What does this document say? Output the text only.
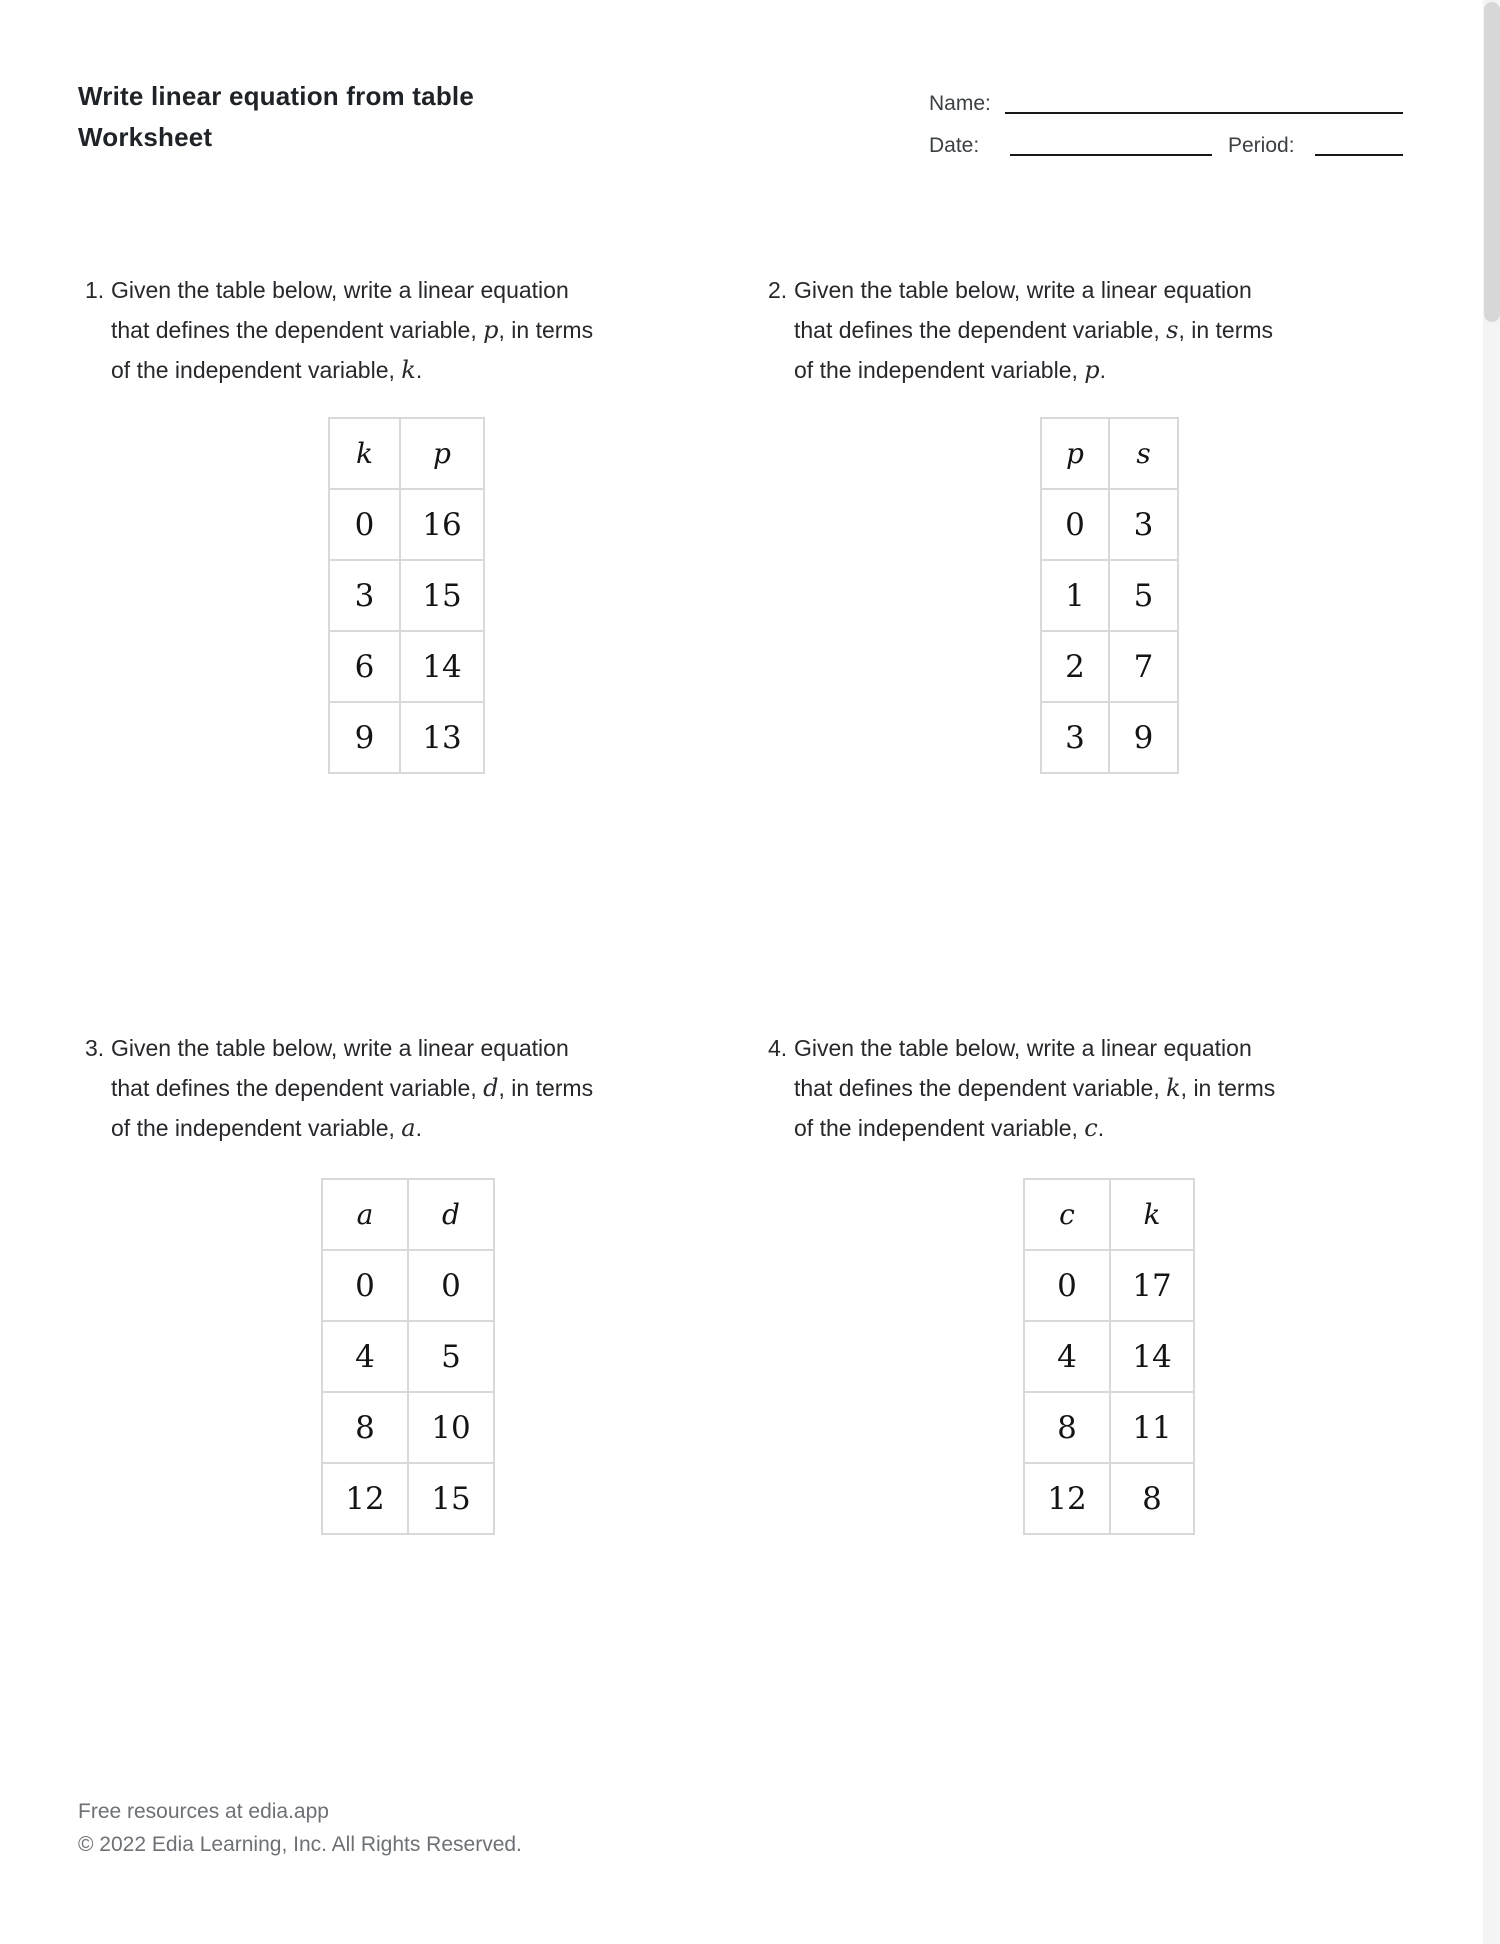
Write linear equation from table
Worksheet
Name:
Date:	Period:
1. Given the table below, write a linear equation
that defines the dependent variable, p, in terms
of the independent variable, k.
k	p
0	16
3	15
6	14
9	13
2. Given the table below, write a linear equation
that defines the dependent variable, s, in terms
of the independent variable, p.
p	s
0	3
1	5
2	7
3	9
3. Given the table below, write a linear equation
that defines the dependent variable, d, in terms
of the independent variable, a.
a	d
0	0
4	5
8	10
12	15
4. Given the table below, write a linear equation
that defines the dependent variable, k, in terms
of the independent variable, c.
c	k
0	17
4	14
8	11
12	8
Free resources at edia.app
© 2022 Edia Learning, Inc. All Rights Reserved.
